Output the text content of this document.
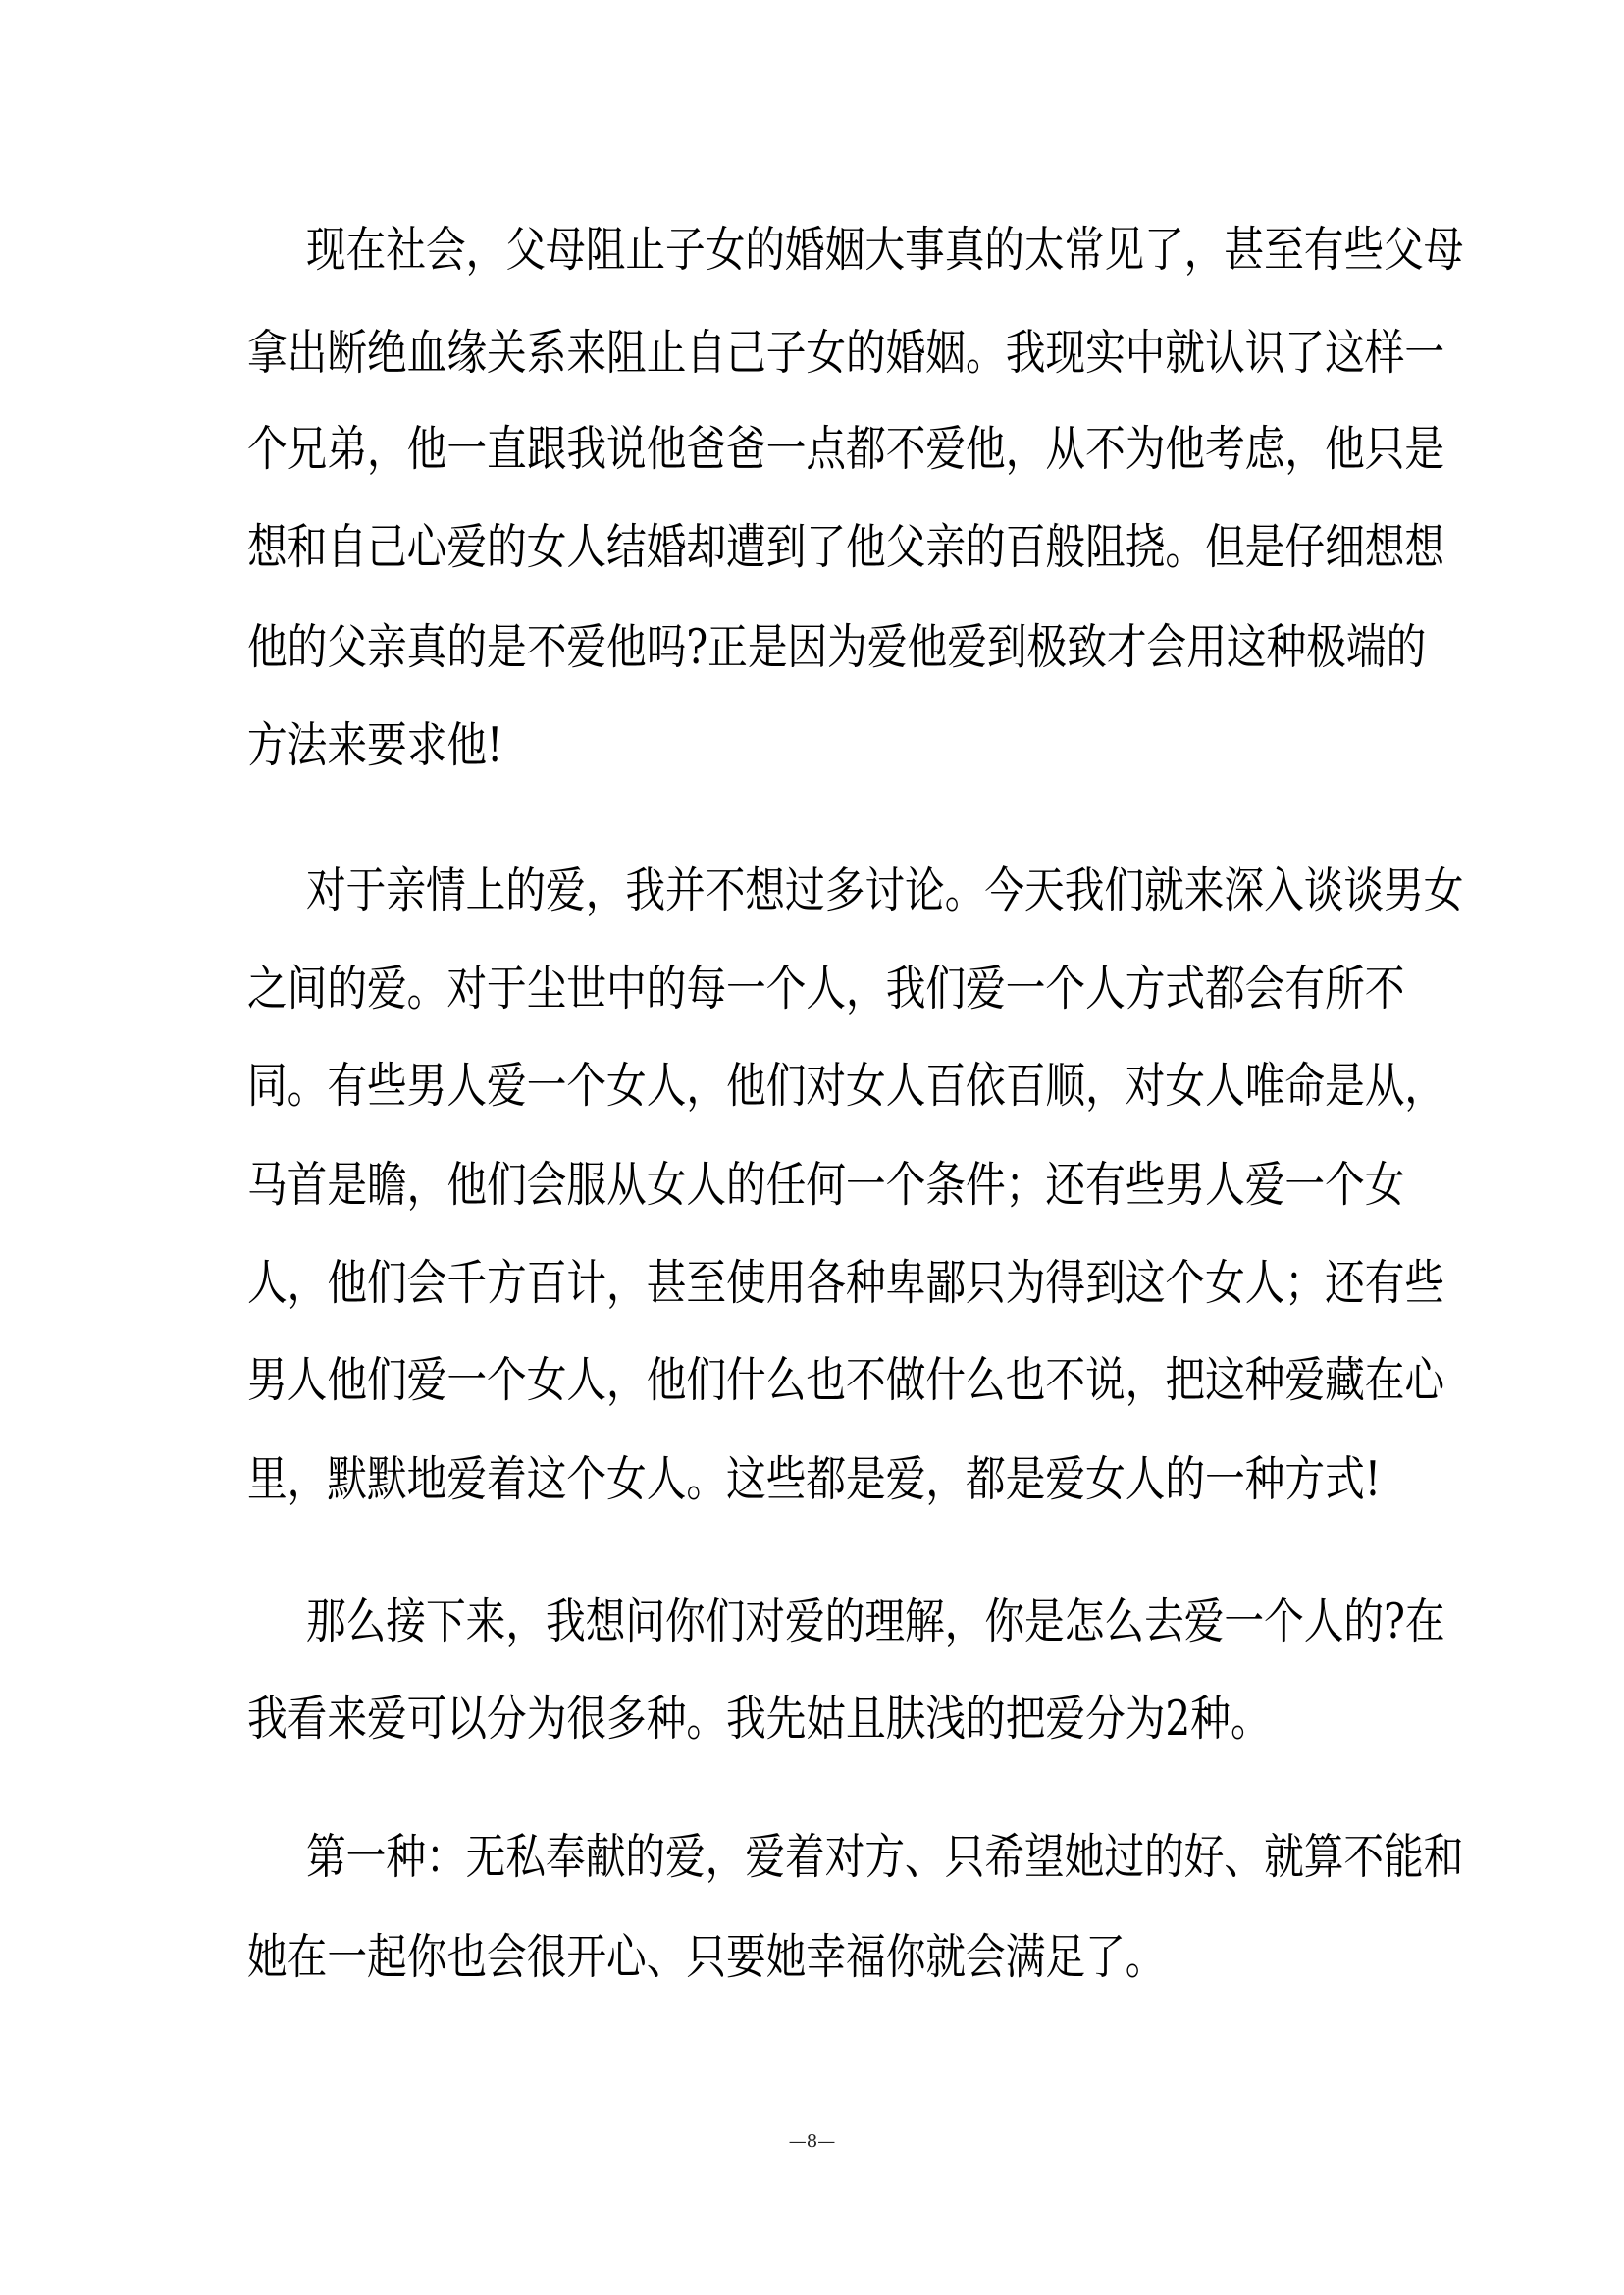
现在社会，父母阻止子女的婚姻大事真的太常见了，甚至有些父母
拿出断绝血缘关系来阻止自己子女的婚姻。我现实中就认识了这样一
个兄弟，他一直跟我说他爸爸一点都不爱他，从不为他考虑，他只是
想和自己心爱的女人结婚却遭到了他父亲的百般阻挠。但是仔细想想
他的父亲真的是不爱他吗?正是因为爱他爱到极致才会用这种极端的
方法来要求他!
对于亲情上的爱，我并不想过多讨论。今天我们就来深入谈谈男女
之间的爱。对于尘世中的每一个人，我们爱一个人方式都会有所不
同。有些男人爱一个女人，他们对女人百依百顺，对女人唯命是从，
马首是瞻，他们会服从女人的任何一个条件；还有些男人爱一个女
人，他们会千方百计，甚至使用各种卑鄙只为得到这个女人；还有些
男人他们爱一个女人，他们什么也不做什么也不说，把这种爱藏在心
里，默默地爱着这个女人。这些都是爱，都是爱女人的一种方式!
那么接下来，我想问你们对爱的理解，你是怎么去爱一个人的?在
我看来爱可以分为很多种。我先姑且肤浅的把爱分为2种。
第一种：无私奉献的爱，爱着对方、只希望她过的好、就算不能和
她在一起你也会很开心、只要她幸福你就会满足了。
—8—
